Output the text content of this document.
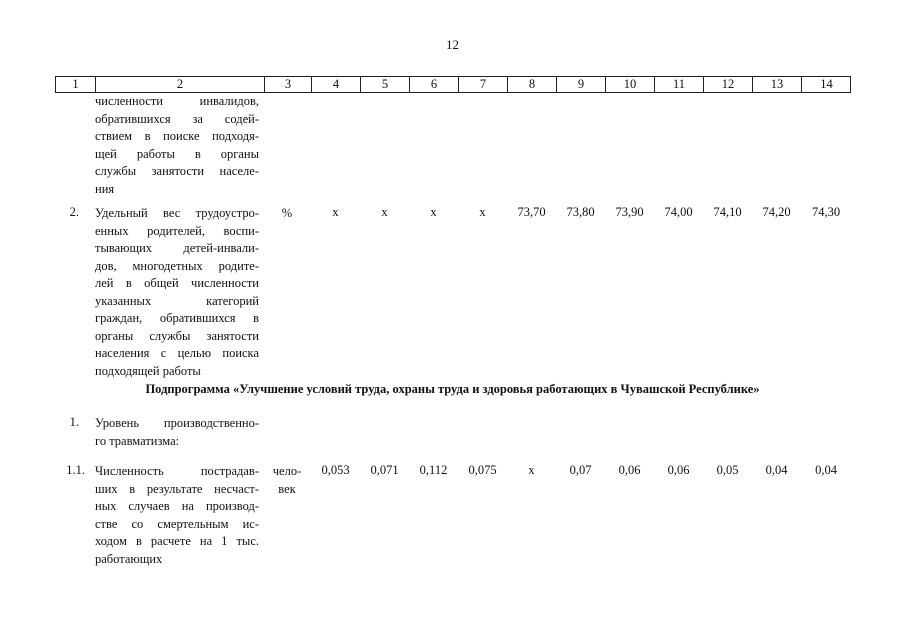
12
1	2	3	4	5	6	7	8	9	10	11	12	13	14
численности инвалидов,
обратившихся за содей-
ствием в поиске подходя-
щей работы в органы
службы занятости населе-
ния
2. Удельный вес трудоустро-
енных родителей, воспи-
тывающих детей-инвали-
дов, многодетных родите-
лей в общей численности
указанных категорий
граждан, обратившихся в
органы службы занятости
населения с целью поиска
подходящей работы
%	х	х	х	х	73,70	73,80	73,90	74,00	74,10	74,20	74,30
Подпрограмма «Улучшение условий труда, охраны труда и здоровья работающих в Чувашской Республике»
1. Уровень производственно-
го травматизма:
1.1. Численность пострадав-
ших в результате несчаст-
ных случаев на производ-
стве со смертельным ис-
ходом в расчете на 1 тыс.
работающих
чело-
век
0,053	0,071	0,112	0,075	х	0,07	0,06	0,06	0,05	0,04	0,04
